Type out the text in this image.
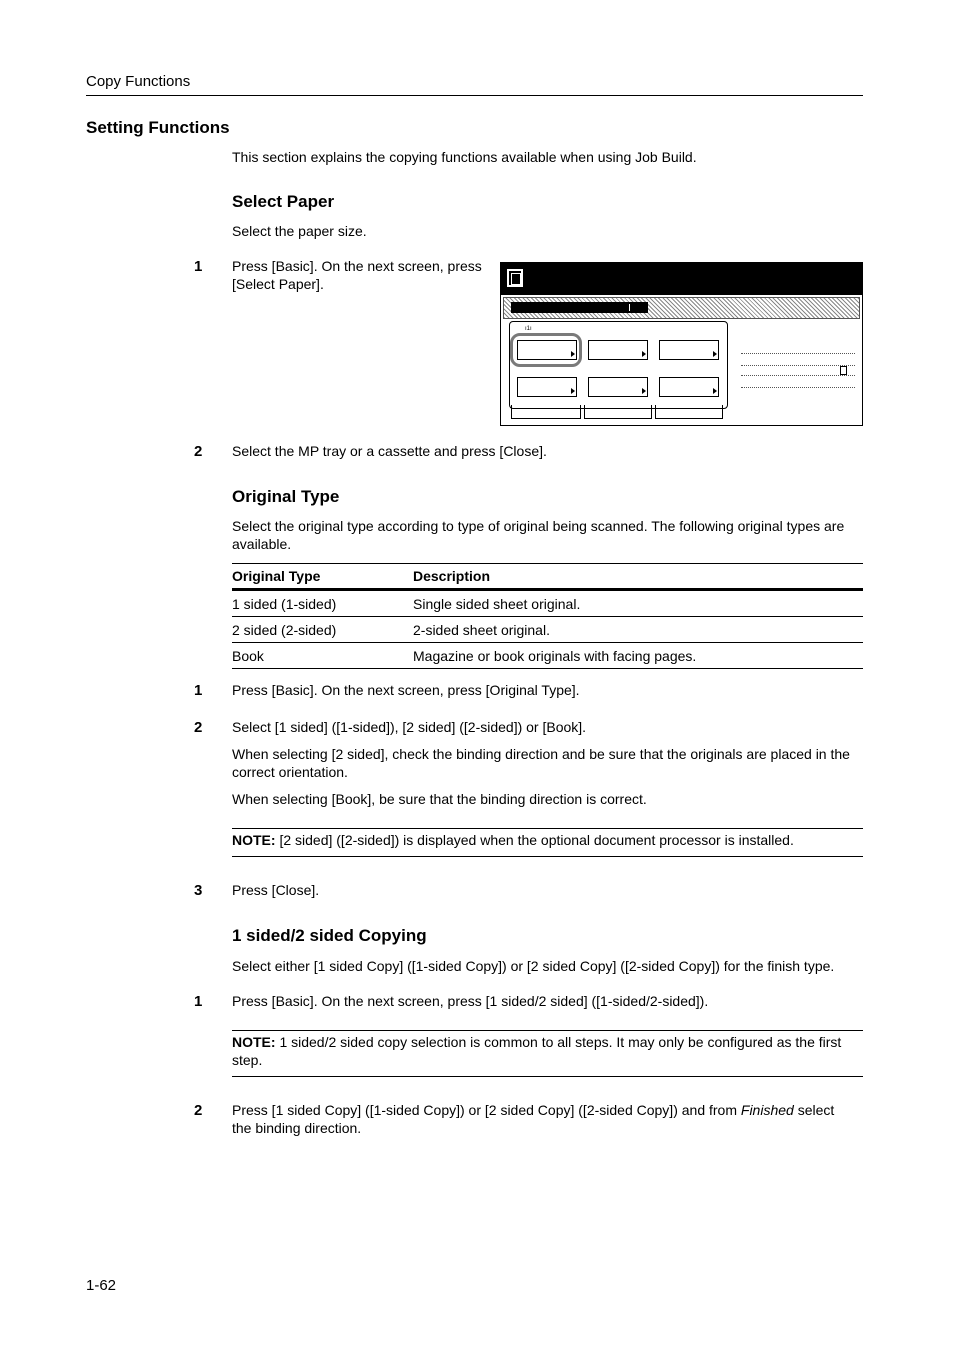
Copy Functions
Setting Functions
This section explains the copying functions available when using Job Build.
Select Paper
Select the paper size.
1 Press [Basic]. On the next screen, press
[Select Paper].
ı1ı
2 Select the MP tray or a cassette and press [Close].
Original Type
Select the original type according to type of original being scanned. The following original types are
available.
Original Type	Description
1 sided (1-sided)	Single sided sheet original.
2 sided (2-sided)	2-sided sheet original.
Book	Magazine or book originals with facing pages.
1 Press [Basic]. On the next screen, press [Original Type].
2 Select [1 sided] ([1-sided]), [2 sided] ([2-sided]) or [Book].
When selecting [2 sided], check the binding direction and be sure that the originals are placed in the
correct orientation.
When selecting [Book], be sure that the binding direction is correct.
NOTE: [2 sided] ([2-sided]) is displayed when the optional document processor is installed.
3 Press [Close].
1 sided/2 sided Copying
Select either [1 sided Copy] ([1-sided Copy]) or [2 sided Copy] ([2-sided Copy]) for the finish type.
1 Press [Basic]. On the next screen, press [1 sided/2 sided] ([1-sided/2-sided]).
NOTE: 1 sided/2 sided copy selection is common to all steps. It may only be configured as the first
step.
2 Press [1 sided Copy] ([1-sided Copy]) or [2 sided Copy] ([2-sided Copy]) and from Finished select
the binding direction.
1-62
